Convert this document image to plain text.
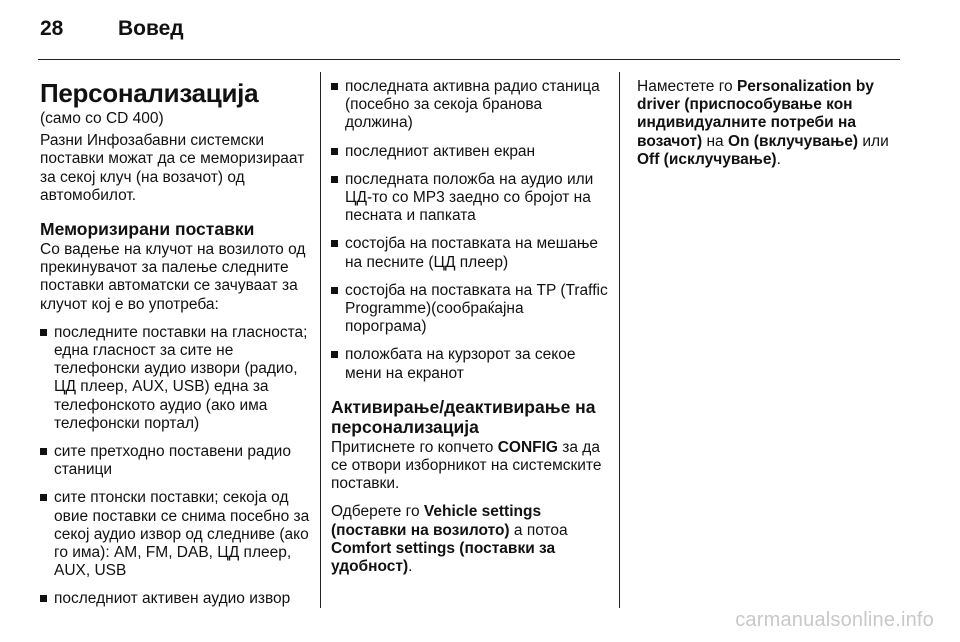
28	Вовед
Персонализација

(само со CD 400)

Разни Инфозабавни системски поставки можат да се меморизираат за секој клуч (на возачот) од автомобилот.

Меморизирани поставки

Со вадење на клучот на возилото од прекинувачот за палење следните поставки автоматски се зачуваат за клучот кој е во употреба:

последните поставки на гласноста; една гласност за сите не телефонски аудио извори (радио, ЦД плеер, AUX, USB) една за телефонското аудио (ако има телефонски портал)
сите претходно поставени радио станици
сите птонски поставки; секоја од овие поставки се снима посебно за секој аудио извор од следниве (ако го има): AM, FM, DAB, ЦД плеер, AUX, USB
последниот активен аудио извор
последната активна радио станица (посебно за секоја бранова должина)
последниот активен екран
последната положба на аудио или ЦД-то со MP3 заедно со бројот на песната и папката
состојба на поставката на мешање на песните (ЦД плеер)
состојба на поставката на TP (Traffic Programme)(сообраќајна порограма)
положбата на курзорот за секое мени на екранот
Активирање/деактивирање на персонализација

Притиснете го копчето CONFIG за да се отвори изборникот на системските поставки.

Одберете го Vehicle settings (поставки на возилото) а потоа Comfort settings (поставки за удобност).

Наместете го Personalization by driver (приспособување кон индивидуалните потреби на возачот) на On (вклучување) или Off (исклучување).

carmanualsonline.info
